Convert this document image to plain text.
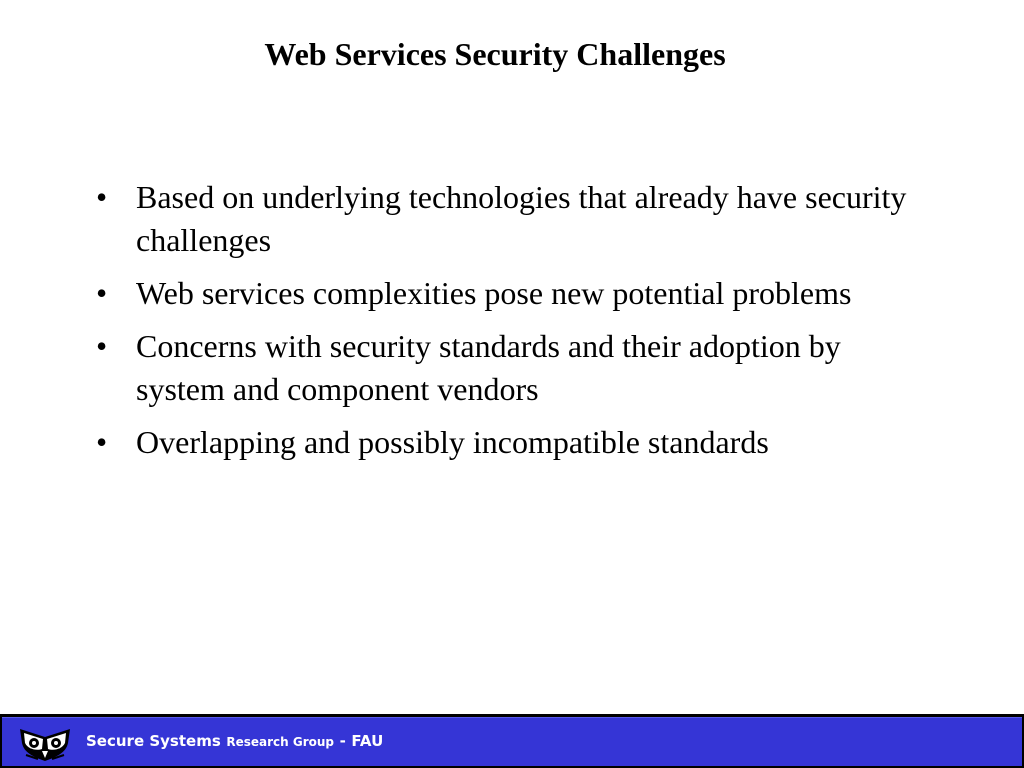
Web Services Security Challenges
• Based on underlying technologies that already have security challenges
• Web services complexities pose new potential problems
• Concerns with security standards and their adoption by system and component vendors
• Overlapping and possibly incompatible standards
Secure Systems Research Group - FAU
